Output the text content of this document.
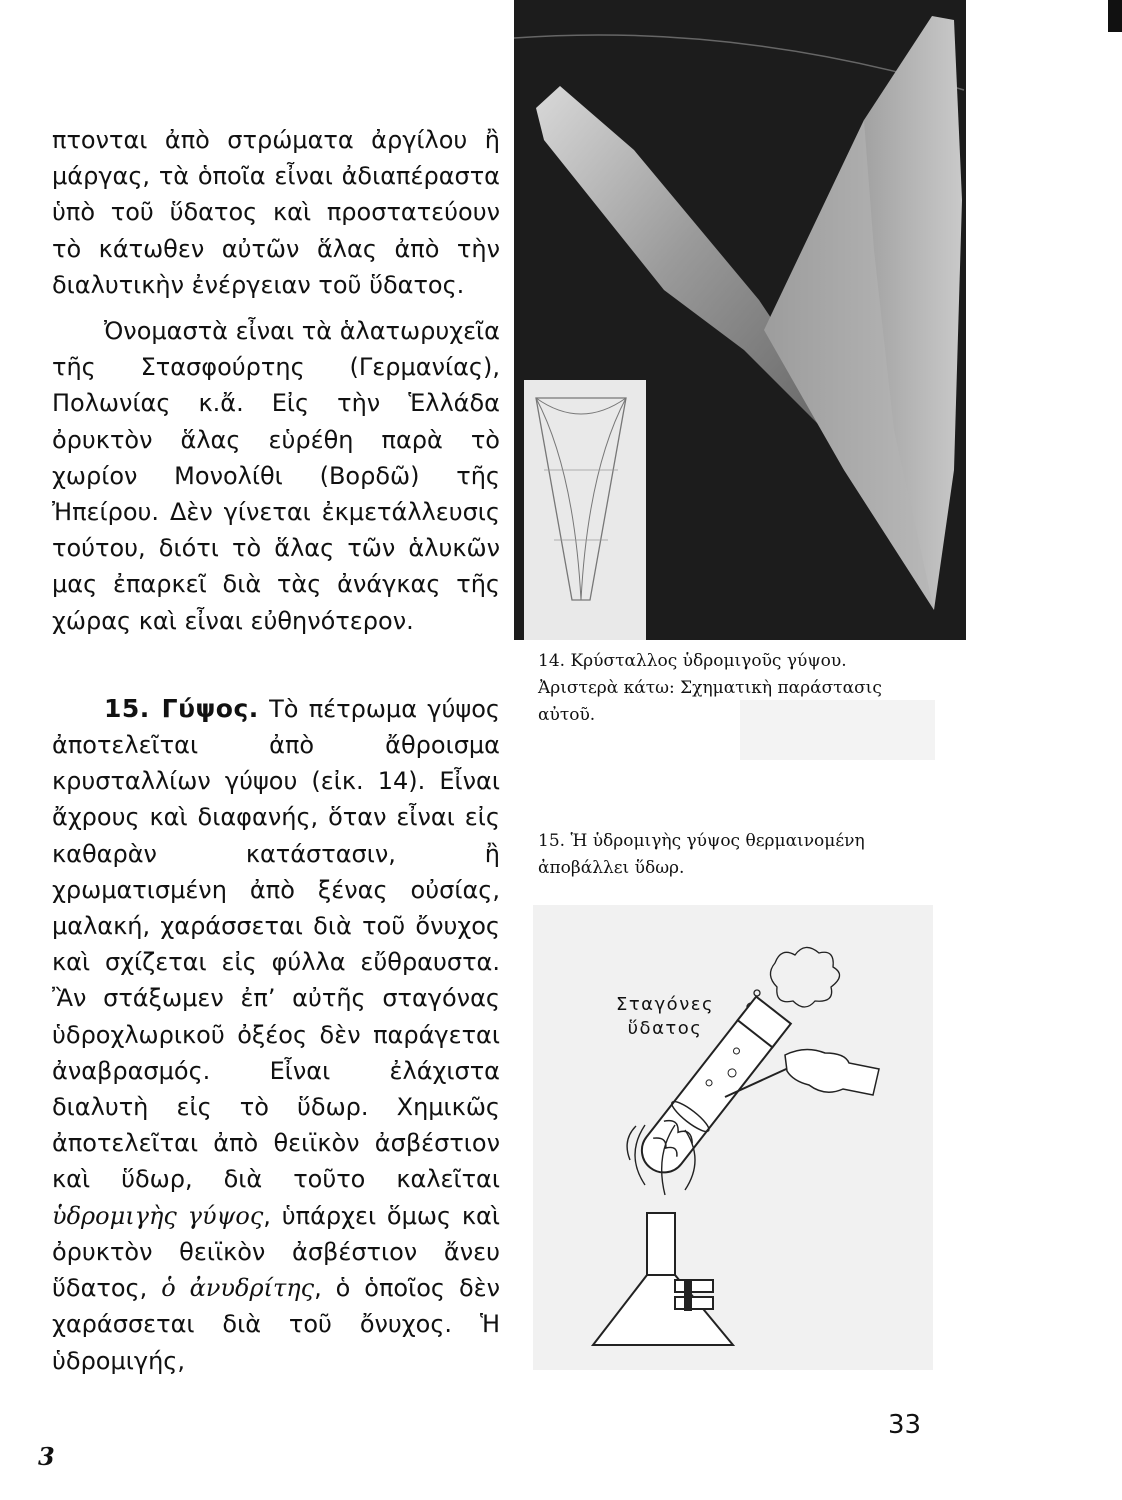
πτονται ἀπὸ στρώματα ἀργίλου ἢ μάργας, τὰ ὁποῖα εἶναι ἀδιαπέραστα ὑπὸ τοῦ ὕδατος καὶ προστατεύουν τὸ κάτωθεν αὐτῶν ἅλας ἀπὸ τὴν διαλυτικὴν ἐνέργειαν τοῦ ὕδατος.

Ὀνομαστὰ εἶναι τὰ ἁλατωρυχεῖα τῆς Στασφούρτης (Γερμανίας), Πολωνίας κ.ἄ. Εἰς τὴν Ἑλλάδα ὀρυκτὸν ἅλας εὑρέθη παρὰ τὸ χωρίον Μονολίθι (Βορδῶ) τῆς Ἠπείρου. Δὲν γίνεται ἐκμετάλλευσις τούτου, διότι τὸ ἅλας τῶν ἁλυκῶν μας ἐπαρκεῖ διὰ τὰς ἀνάγκας τῆς χώρας καὶ εἶναι εὐθηνότερον.

15. Γύψος. Τὸ πέτρωμα γύψος ἀποτελεῖται ἀπὸ ἄθροισμα κρυσταλλίων γύψου (εἰκ. 14). Εἶναι ἄχρους καὶ διαφανής, ὅταν εἶναι εἰς καθαρὰν κατάστασιν, ἢ χρωματισμένη ἀπὸ ξένας οὐσίας, μαλακή, χαράσσεται διὰ τοῦ ὄνυχος καὶ σχίζεται εἰς φύλλα εὔθραυστα. Ἂν στάξωμεν ἐπ’ αὐτῆς σταγόνας ὑδροχλωρικοῦ ὀξέος δὲν παράγεται ἀναβρασμός. Εἶναι ἐλάχιστα διαλυτὴ εἰς τὸ ὕδωρ. Χημικῶς ἀποτελεῖται ἀπὸ θειϊκὸν ἀσβέστιον καὶ ὕδωρ, διὰ τοῦτο καλεῖται ὑδρομιγὴς γύψος, ὑπάρχει ὅμως καὶ ὀρυκτὸν θειϊκὸν ἀσβέστιον ἄνευ ὕδατος, ὁ ἀνυδρίτης, ὁ ὁποῖος δὲν χαράσσεται διὰ τοῦ ὄνυχος. Ἡ ὑδρομιγής,

14. Κρύσταλλος ὑδρομιγοῦς γύψου.
Ἀριστερὰ κάτω: Σχηματικὴ παράστασις αὐτοῦ.
15. Ἡ ὑδρομιγὴς γύψος θερμαινομένη ἀποβάλλει ὕδωρ.
Σταγόνες
ὕδατος
33
3
